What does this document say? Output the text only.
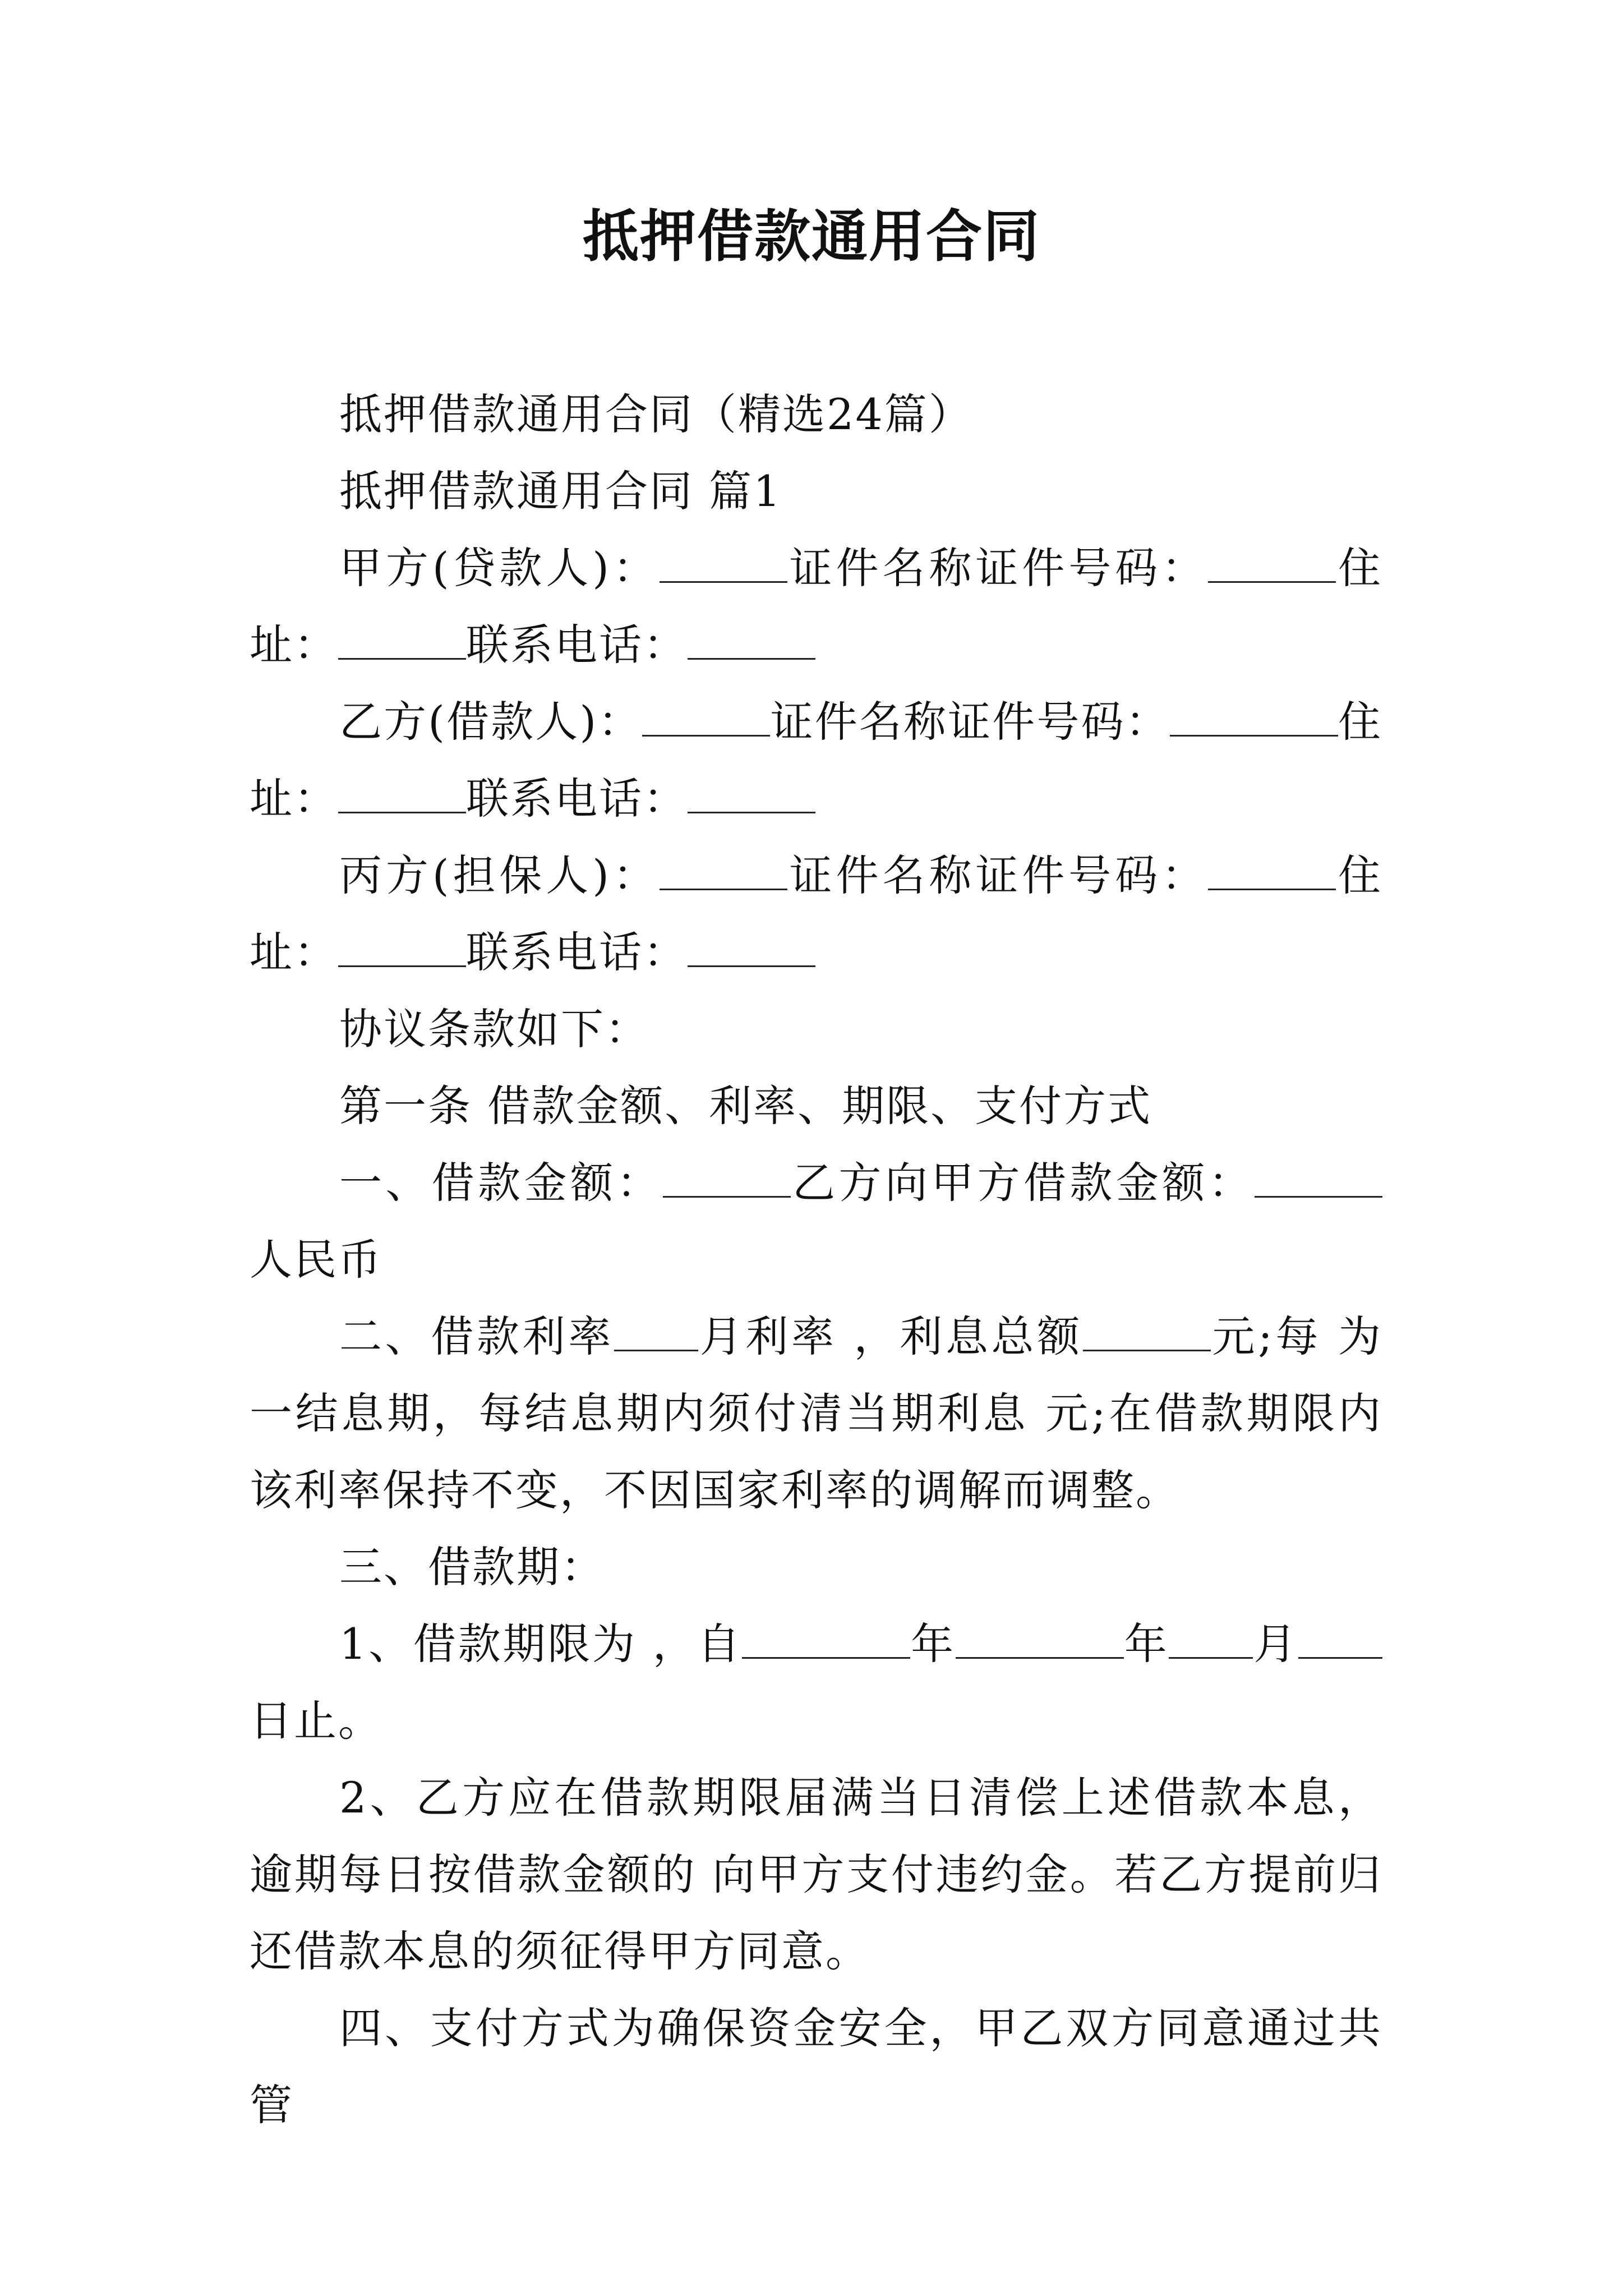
抵押借款通用合同

抵押借款通用合同（精选24篇）

抵押借款通用合同 篇1

甲方(贷款人)：	证件名称证件号码：	住址：	联系电话：

乙方(借款人)：	证件名称证件号码：	住址：	联系电话：

丙方(担保人)：	证件名称证件号码：	住址：	联系电话：

协议条款如下：

第一条 借款金额、利率、期限、支付方式

一、借款金额：	乙方向甲方借款金额：人民币

二、借款利率 月利率 ，利息总额	元;每 为一结息期，每结息期内须付清当期利息 元;在借款期限内该利率保持不变，不因国家利率的调解而调整。

三、借款期：

1、借款期限为 ，自	年	年 月日止。

2、乙方应在借款期限届满当日清偿上述借款本息，逾期每日按借款金额的 向甲方支付违约金。若乙方提前归还借款本息的须征得甲方同意。

四、支付方式为确保资金安全，甲乙双方同意通过共管
